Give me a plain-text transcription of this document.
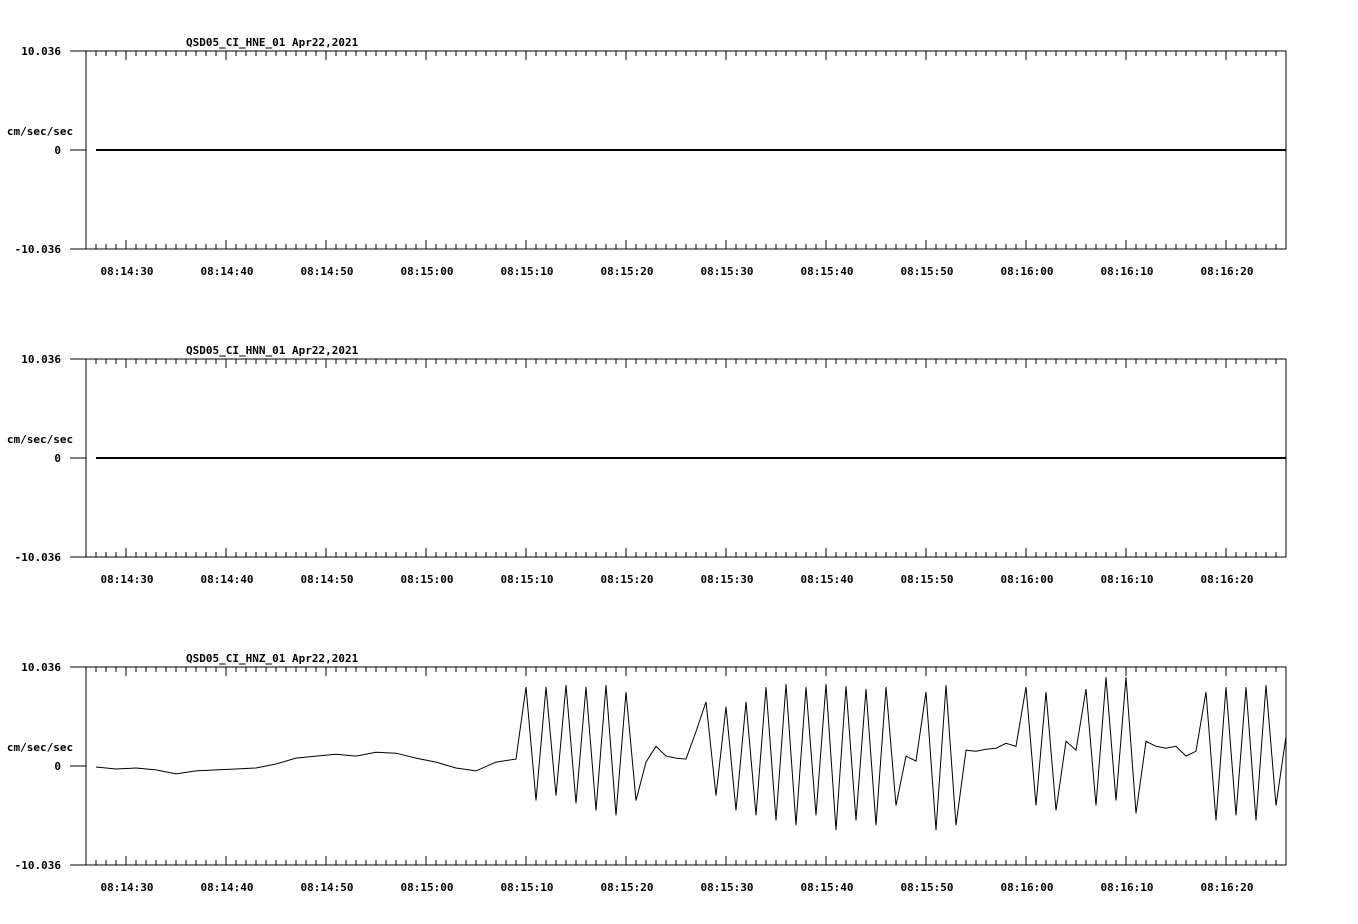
QSD05_CI_HNE_01 Apr22,2021
10.036
0
-10.036
cm/sec/sec
08:14:30	08:14:40	08:14:50	08:15:00	08:15:10	08:15:20	08:15:30	08:15:40	08:15:50	08:16:00	08:16:10	08:16:20
QSD05_CI_HNN_01 Apr22,2021
10.036
0
-10.036
cm/sec/sec
08:14:30	08:14:40	08:14:50	08:15:00	08:15:10	08:15:20	08:15:30	08:15:40	08:15:50	08:16:00	08:16:10	08:16:20
QSD05_CI_HNZ_01 Apr22,2021
10.036
0
-10.036
cm/sec/sec
08:14:30	08:14:40	08:14:50	08:15:00	08:15:10	08:15:20	08:15:30	08:15:40	08:15:50	08:16:00	08:16:10	08:16:20
